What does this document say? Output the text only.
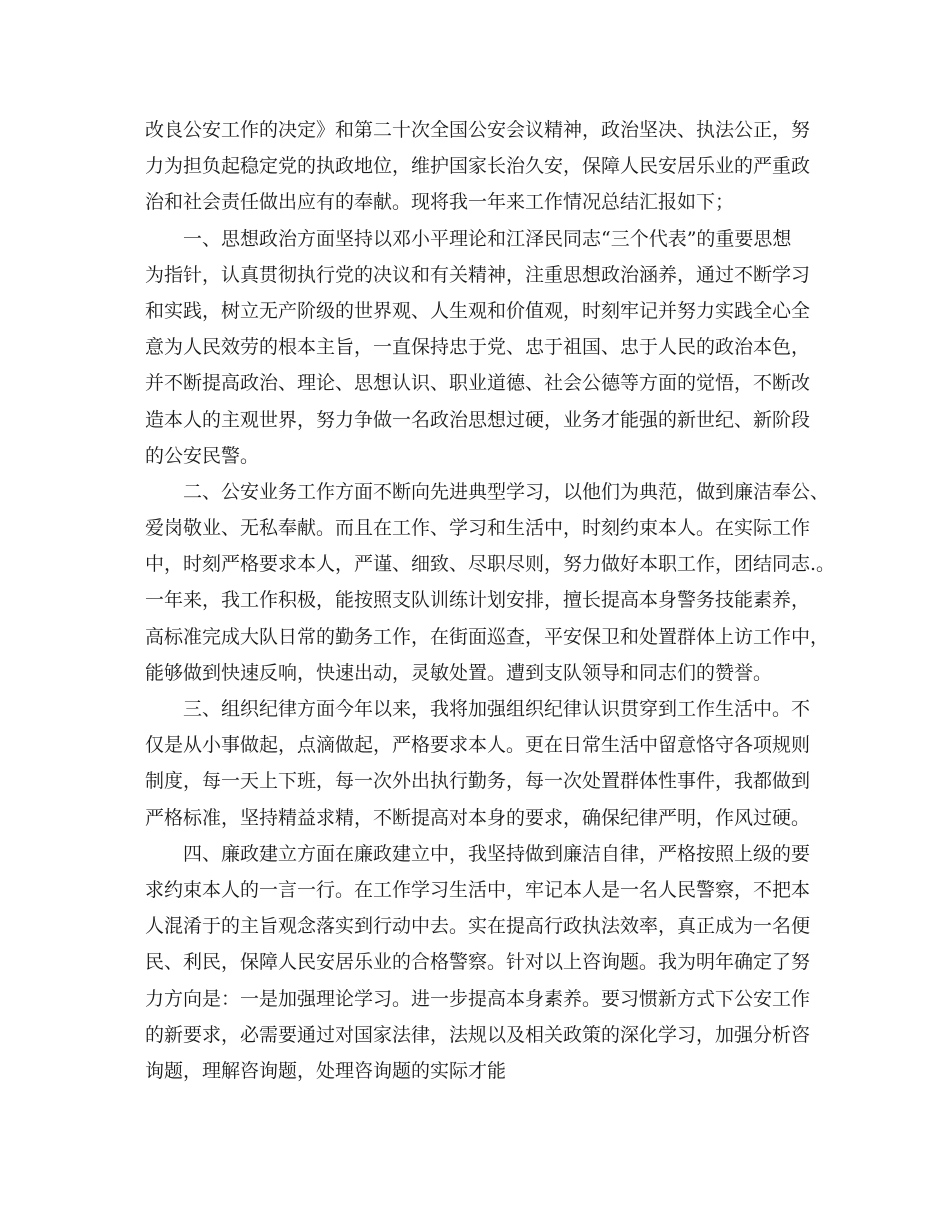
改良公安工作的决定》和第二十次全国公安会议精神，政治坚决、执法公正，努
力为担负起稳定党的执政地位，维护国家长治久安，保障人民安居乐业的严重政
治和社会责任做出应有的奉献。现将我一年来工作情况总结汇报如下；
一、思想政治方面坚持以邓小平理论和江泽民同志“三个代表”的重要思想
为指针，认真贯彻执行党的决议和有关精神，注重思想政治涵养，通过不断学习
和实践，树立无产阶级的世界观、人生观和价值观，时刻牢记并努力实践全心全
意为人民效劳的根本主旨，一直保持忠于党、忠于祖国、忠于人民的政治本色，
并不断提高政治、理论、思想认识、职业道德、社会公德等方面的觉悟，不断改
造本人的主观世界，努力争做一名政治思想过硬，业务才能强的新世纪、新阶段
的公安民警。
二、公安业务工作方面不断向先进典型学习，以他们为典范，做到廉洁奉公、
爱岗敬业、无私奉献。而且在工作、学习和生活中，时刻约束本人。在实际工作
中，时刻严格要求本人，严谨、细致、尽职尽则，努力做好本职工作，团结同志.。
一年来，我工作积极，能按照支队训练计划安排，擅长提高本身警务技能素养，
高标准完成大队日常的勤务工作，在街面巡查，平安保卫和处置群体上访工作中，
能够做到快速反响，快速出动，灵敏处置。遭到支队领导和同志们的赞誉。
三、组织纪律方面今年以来，我将加强组织纪律认识贯穿到工作生活中。不
仅是从小事做起，点滴做起，严格要求本人。更在日常生活中留意恪守各项规则
制度，每一天上下班，每一次外出执行勤务，每一次处置群体性事件，我都做到
严格标准，坚持精益求精，不断提高对本身的要求，确保纪律严明，作风过硬。
四、廉政建立方面在廉政建立中，我坚持做到廉洁自律，严格按照上级的要
求约束本人的一言一行。在工作学习生活中，牢记本人是一名人民警察，不把本
人混淆于的主旨观念落实到行动中去。实在提高行政执法效率，真正成为一名便
民、利民，保障人民安居乐业的合格警察。针对以上咨询题。我为明年确定了努
力方向是：一是加强理论学习。进一步提高本身素养。要习惯新方式下公安工作
的新要求，必需要通过对国家法律，法规以及相关政策的深化学习，加强分析咨
询题，理解咨询题，处理咨询题的实际才能
